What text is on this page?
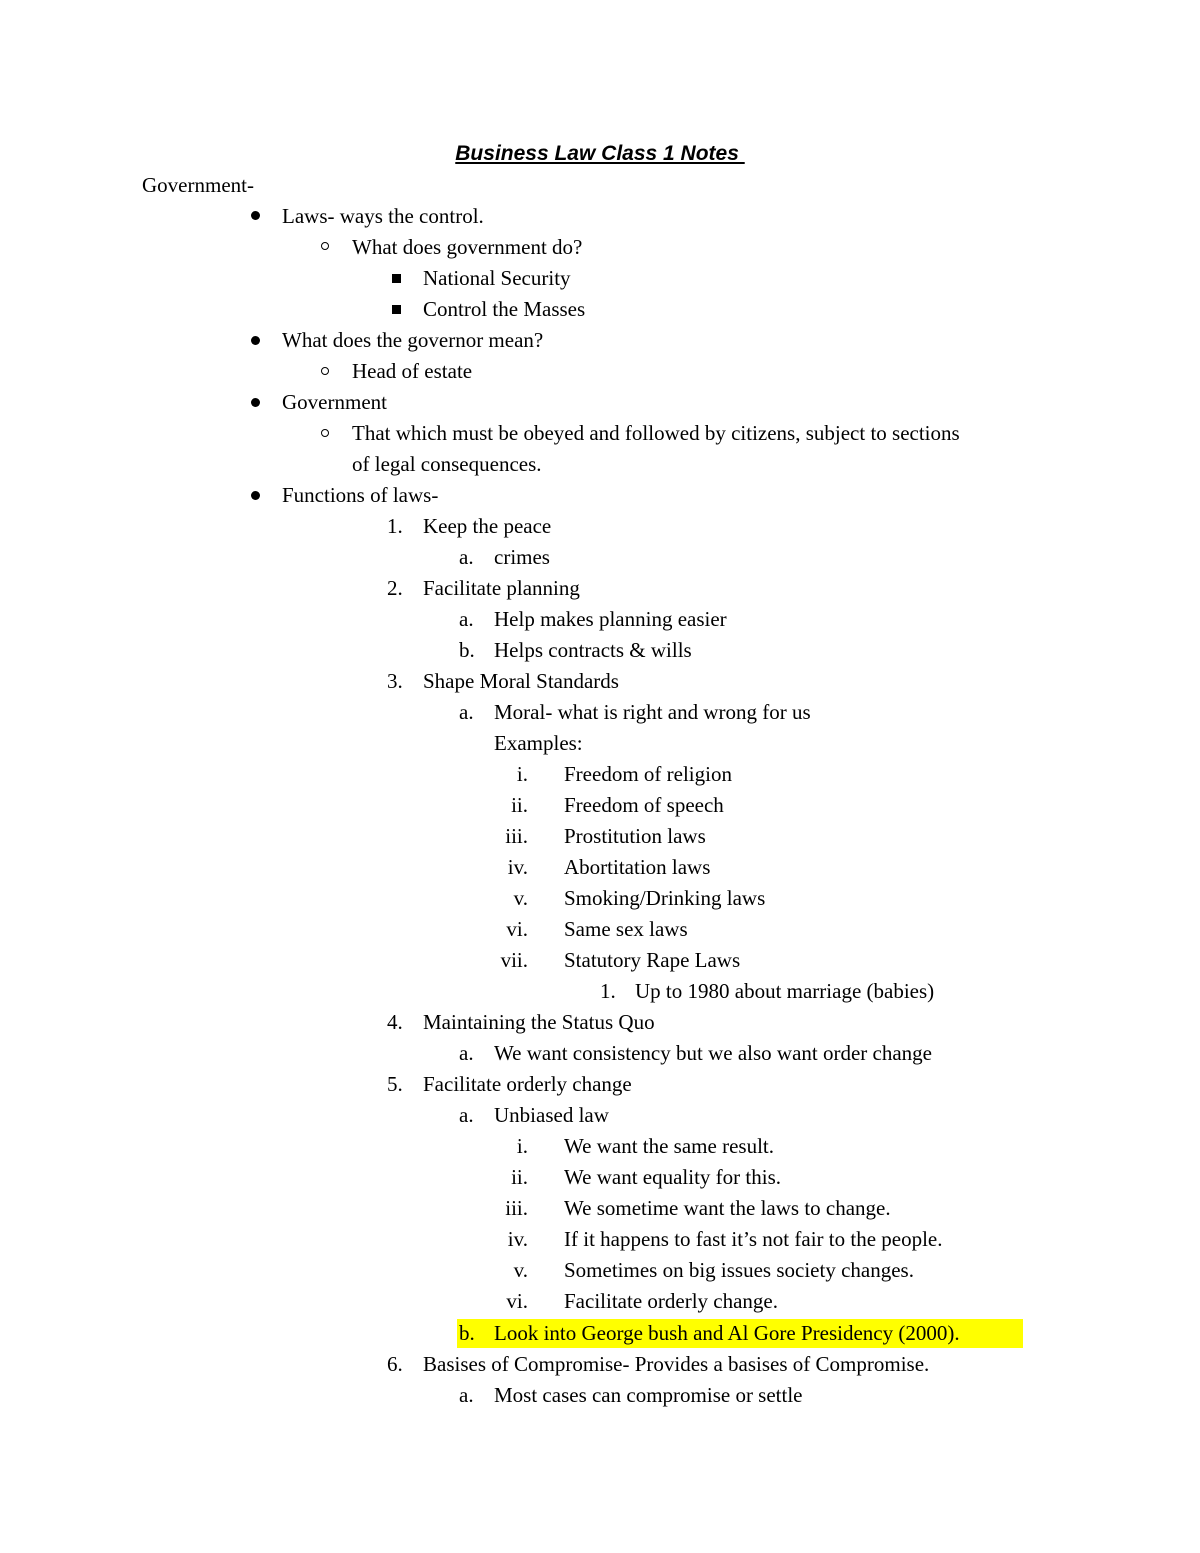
Business Law Class 1 Notes
Government-
Laws- ways the control.
What does government do?
National Security
Control the Masses
What does the governor mean?
Head of estate
Government
That which must be obeyed and followed by citizens, subject to sections
of legal consequences.
Functions of laws-
1. Keep the peace
a. crimes
2. Facilitate planning
a. Help makes planning easier
b. Helps contracts & wills
3. Shape Moral Standards
a. Moral- what is right and wrong for us
Examples:
i. Freedom of religion
ii. Freedom of speech
iii. Prostitution laws
iv. Abortitation laws
v. Smoking/Drinking laws
vi. Same sex laws
vii. Statutory Rape Laws
1. Up to 1980 about marriage (babies)
4. Maintaining the Status Quo
a. We want consistency but we also want order change
5. Facilitate orderly change
a. Unbiased law
i. We want the same result.
ii. We want equality for this.
iii. We sometime want the laws to change.
iv. If it happens to fast it’s not fair to the people.
v. Sometimes on big issues society changes.
vi. Facilitate orderly change.
b. Look into George bush and Al Gore Presidency (2000).
6. Basises of Compromise- Provides a basises of Compromise.
a. Most cases can compromise or settle
